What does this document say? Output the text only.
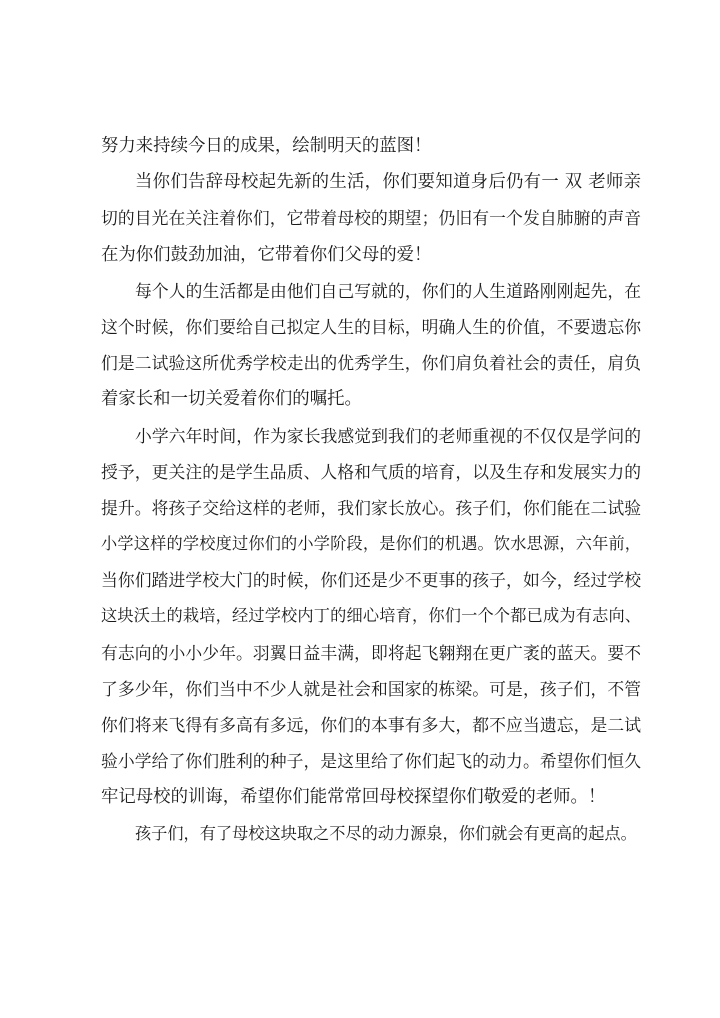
努力来持续今日的成果，绘制明天的蓝图！
当你们告辞母校起先新的生活，你们要知道身后仍有一 双 老师亲
切的目光在关注着你们，它带着母校的期望；仍旧有一个发自肺腑的声音
在为你们鼓劲加油，它带着你们父母的爱！
每个人的生活都是由他们自己写就的，你们的人生道路刚刚起先，在
这个时候，你们要给自己拟定人生的目标，明确人生的价值，不要遗忘你
们是二试验这所优秀学校走出的优秀学生，你们肩负着社会的责任，肩负
着家长和一切关爱着你们的嘱托。
小学六年时间，作为家长我感觉到我们的老师重视的不仅仅是学问的
授予，更关注的是学生品质、人格和气质的培育，以及生存和发展实力的
提升。将孩子交给这样的老师，我们家长放心。孩子们，你们能在二试验
小学这样的学校度过你们的小学阶段，是你们的机遇。饮水思源，六年前，
当你们踏进学校大门的时候，你们还是少不更事的孩子，如今，经过学校
这块沃土的栽培，经过学校内丁的细心培育，你们一个个都已成为有志向、
有志向的小小少年。羽翼日益丰满，即将起飞翱翔在更广袤的蓝天。要不
了多少年，你们当中不少人就是社会和国家的栋梁。可是，孩子们，不管
你们将来飞得有多高有多远，你们的本事有多大，都不应当遗忘，是二试
验小学给了你们胜利的种子，是这里给了你们起飞的动力。希望你们恒久
牢记母校的训诲，希望你们能常常回母校探望你们敬爱的老师。！
孩子们，有了母校这块取之不尽的动力源泉，你们就会有更高的起点。
